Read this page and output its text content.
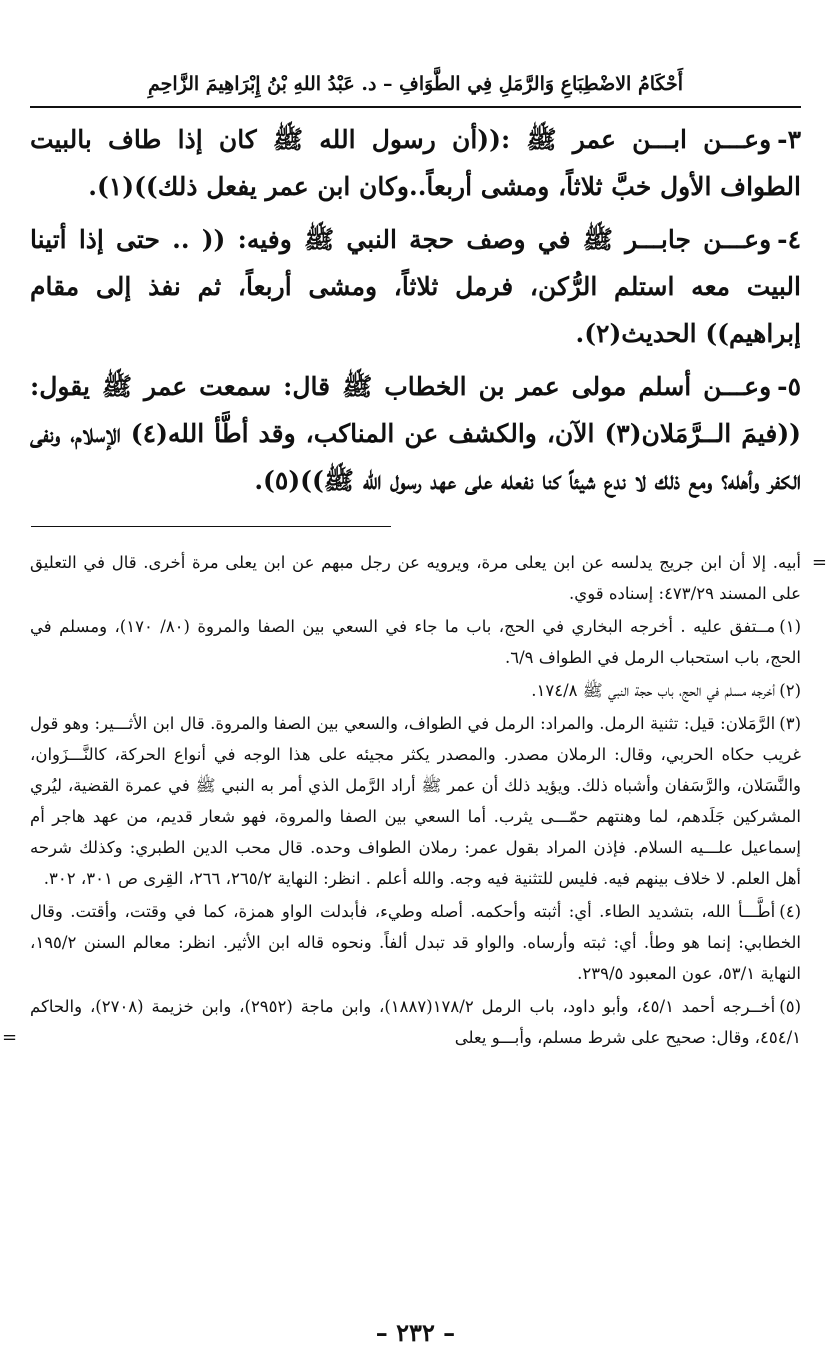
أَحْكَامُ الاضْطِبَاعِ وَالرَّمَلِ فِي الطَّوَافِ – د. عَبْدُ اللهِ بْنُ إِبْرَاهِيمَ الزَّاحِمِ

٣-وعـــن ابـــن عمر ﷺ :((أن رسول الله ﷺ كان إذا طاف بالبيت الطواف الأول خبَّ ثلاثاً، ومشى أربعاً..وكان ابن عمر يفعل ذلك))(١).

٤-وعـــن جابـــر ﷺ في وصف حجة النبي ﷺ وفيه: (( .. حتى إذا أتينا البيت معه استلم الرُّكن، فرمل ثلاثاً، ومشى أربعاً، ثم نفذ إلى مقام إبراهيم)) الحديث(٢).

٥-وعـــن أسلم مولى عمر بن الخطاب ﷺ قال: سمعت عمر ﷺ يقول: ((فيمَ الــرَّمَلان(٣) الآن، والكشف عن المناكب، وقد أطَّأ الله(٤) الإسلام، ونفى الكفر وأهله؟ ومع ذلك لا ندع شيئاً كنا نفعله على عهد رسول الله ﷺ))(٥).

=
أبيه. إلا أن ابن جريج يدلسه عن ابن يعلى مرة، ويرويه عن رجل مبهم عن ابن يعلى مرة أخرى. قال في التعليق على المسند ٤٧٣/٢٩: إسناده قوي.

(١)مــتفق عليه . أخرجه البخاري في الحج، باب ما جاء في السعي بين الصفا والمروة (٨٠/ ١٧٠)، ومسلم في الحج، باب استحباب الرمل في الطواف ٦/٩.

(٢)أخرجه مسلم في الحج، باب حجة النبي ﷺ ١٧٤/٨.

(٣)الرَّمَلان: قيل: تثنية الرمل. والمراد: الرمل في الطواف، والسعي بين الصفا والمروة. قال ابن الأثـــير: وهو قول غريب حكاه الحربي، وقال: الرملان مصدر. والمصدر يكثر مجيئه على هذا الوجه في أنواع الحركة، كالنَّـــزَوان، والنَّسَلان، والرَّسَفان وأشباه ذلك. ويؤيد ذلك أن عمر ﷺ أراد الرَّمل الذي أمر به النبي ﷺ في عمرة القضية، ليُري المشركين جَلَدهم، لما وهنتهم حمّـــى يثرب. أما السعي بين الصفا والمروة، فهو شعار قديم، من عهد هاجر أم إسماعيل علـــيه السلام. فإذن المراد بقول عمر: رملان الطواف وحده. قال محب الدين الطبري: وكذلك شرحه أهل العلم. لا خلاف بينهم فيه. فليس للتثنية فيه وجه. والله أعلم . انظر: النهاية ٢٦٥/٢، ٢٦٦، القِرى ص ٣٠١، ٣٠٢.

(٤)أطَّـــأ الله، بتشديد الطاء. أي: أثبته وأحكمه. أصله وطيء، فأبدلت الواو همزة، كما في وقتت، وأقتت. وقال الخطابي: إنما هو وطأ. أي: ثبته وأرساه. والواو قد تبدل ألفاً. ونحوه قاله ابن الأثير. انظر: معالم السنن ١٩٥/٢، النهاية ٥٣/١، عون المعبود ٢٣٩/٥.

(٥)أخــرجه أحمد ٤٥/١، وأبو داود، باب الرمل ١٧٨/٢(١٨٨٧)، وابن ماجة (٢٩٥٢)، وابن خزيمة (٢٧٠٨)، والحاكم ٤٥٤/١، وقال: صحيح على شرط مسلم، وأبـــو يعلى
=

– ٢٣٢ –
